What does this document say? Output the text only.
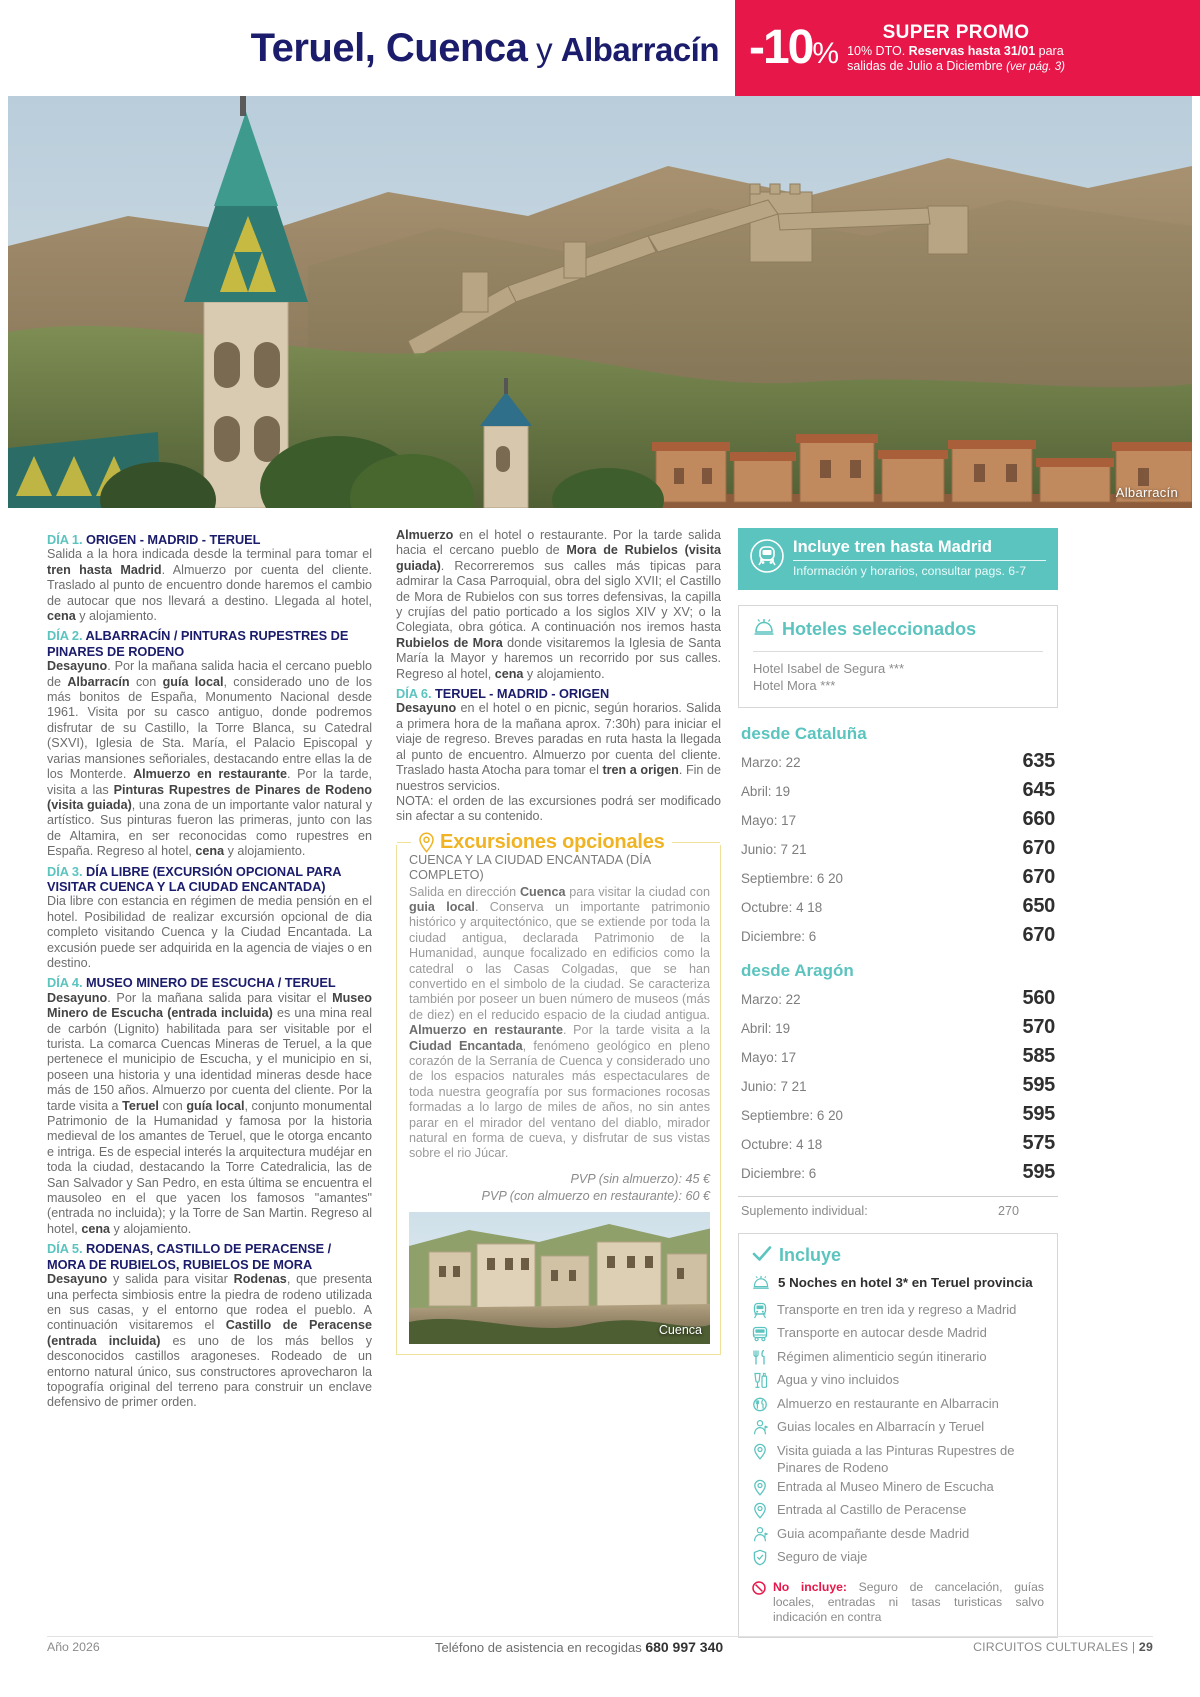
Teruel, Cuenca y Albarracín -10%
SUPER PROMO
10% DTO. Reservas hasta 31/01 para
salidas de Julio a Diciembre (ver pág. 3)
Albarracín
DÍA 1. ORIGEN - MADRID - TERUEL

Salida a la hora indicada desde la terminal para tomar el tren hasta Madrid. Almuerzo por cuenta del cliente. Traslado al punto de encuentro donde haremos el cambio de autocar que nos llevará a destino. Llegada al hotel, cena y alojamiento.

DÍA 2. ALBARRACÍN / PINTURAS RUPESTRES DE PINARES DE RODENO

Desayuno. Por la mañana salida hacia el cercano pueblo de Albarracín con guía local, considerado uno de los más bonitos de España, Monumento Nacional desde 1961. Visita por su casco antiguo, donde podremos disfrutar de su Castillo, la Torre Blanca, su Catedral (SXVI), Iglesia de Sta. María, el Palacio Episcopal y varias mansiones señoriales, destacando entre ellas la de los Monterde. Almuerzo en restaurante. Por la tarde, visita a las Pinturas Rupestres de Pinares de Rodeno (visita guiada), una zona de un importante valor natural y artístico. Sus pinturas fueron las primeras, junto con las de Altamira, en ser reconocidas como rupestres en España. Regreso al hotel, cena y alojamiento.

DÍA 3. DÍA LIBRE (EXCURSIÓN OPCIONAL PARA VISITAR CUENCA Y LA CIUDAD ENCANTADA)

Dia libre con estancia en régimen de media pensión en el hotel. Posibilidad de realizar excursión opcional de dia completo visitando Cuenca y la Ciudad Encantada. La excusión puede ser adquirida en la agencia de viajes o en destino.

DÍA 4. MUSEO MINERO DE ESCUCHA / TERUEL

Desayuno. Por la mañana salida para visitar el Museo Minero de Escucha (entrada incluida) es una mina real de carbón (Lignito) habilitada para ser visitable por el turista. La comarca Cuencas Mineras de Teruel, a la que pertenece el municipio de Escucha, y el municipio en si, poseen una historia y una identidad mineras desde hace más de 150 años. Almuerzo por cuenta del cliente. Por la tarde visita a Teruel con guía local, conjunto monumental Patrimonio de la Humanidad y famosa por la historia medieval de los amantes de Teruel, que le otorga encanto e intriga. Es de especial interés la arquitectura mudéjar en toda la ciudad, destacando la Torre Catedralicia, las de San Salvador y San Pedro, en esta última se encuentra el mausoleo en el que yacen los famosos "amantes" (entrada no incluida); y la Torre de San Martin. Regreso al hotel, cena y alojamiento.

DÍA 5. RODENAS, CASTILLO DE PERACENSE / MORA DE RUBIELOS, RUBIELOS DE MORA

Desayuno y salida para visitar Rodenas, que presenta una perfecta simbiosis entre la piedra de rodeno utilizada en sus casas, y el entorno que rodea el pueblo. A continuación visitaremos el Castillo de Peracense (entrada incluida) es uno de los más bellos y desconocidos castillos aragoneses. Rodeado de un entorno natural único, sus constructores aprovecharon la topografía original del terreno para construir un enclave defensivo de primer orden.

Almuerzo en el hotel o restaurante. Por la tarde salida hacia el cercano pueblo de Mora de Rubielos (visita guiada). Recorreremos sus calles más tipicas para admirar la Casa Parroquial, obra del siglo XVII; el Castillo de Mora de Rubielos con sus torres defensivas, la capilla y crujías del patio porticado a los siglos XIV y XV; o la Colegiata, obra gótica. A continuación nos iremos hasta Rubielos de Mora donde visitaremos la Iglesia de Santa María la Mayor y haremos un recorrido por sus calles. Regreso al hotel, cena y alojamiento.

DÍA 6. TERUEL - MADRID - ORIGEN

Desayuno en el hotel o en picnic, según horarios. Salida a primera hora de la mañana aprox. 7:30h) para iniciar el viaje de regreso. Breves paradas en ruta hasta la llegada al punto de encuentro. Almuerzo por cuenta del cliente. Traslado hasta Atocha para tomar el tren a origen. Fin de nuestros servicios.

NOTA: el orden de las excursiones podrá ser modificado sin afectar a su contenido.

Excursiones opcionales
CUENCA Y LA CIUDAD ENCANTADA (DÍA COMPLETO)
Salida en dirección Cuenca para visitar la ciudad con guia local. Conserva un importante patrimonio histórico y arquitectónico, que se extiende por toda la ciudad antigua, declarada Patrimonio de la Humanidad, aunque focalizado en edificios como la catedral o las Casas Colgadas, que se han convertido en el simbolo de la ciudad. Se caracteriza también por poseer un buen número de museos (más de diez) en el reducido espacio de la ciudad antigua. Almuerzo en restaurante. Por la tarde visita a la Ciudad Encantada, fenómeno geológico en pleno corazón de la Serranía de Cuenca y considerado uno de los espacios naturales más espectaculares de toda nuestra geografía por sus formaciones rocosas formadas a lo largo de miles de años, no sin antes parar en el mirador del ventano del diablo, mirador natural en forma de cueva, y disfrutar de sus vistas sobre el rio Júcar.
PVP (sin almuerzo): 45 €
PVP (con almuerzo en restaurante): 60 €
Cuenca
Incluye tren hasta Madrid
Información y horarios, consultar pags. 6-7
Hoteles seleccionados
Hotel Isabel de Segura ***
Hotel Mora ***
desde Cataluña
Marzo: 22	635
Abril: 19	645
Mayo: 17	660
Junio: 7 21	670
Septiembre: 6 20	670
Octubre: 4 18	650
Diciembre: 6	670
desde Aragón
Marzo: 22	560
Abril: 19	570
Mayo: 17	585
Junio: 7 21	595
Septiembre: 6 20	595
Octubre: 4 18	575
Diciembre: 6	595
Suplemento individual:	270
Incluye
5 Noches en hotel 3* en Teruel provincia
Transporte en tren ida y regreso a Madrid
Transporte en autocar desde Madrid
Régimen alimenticio según itinerario
Agua y vino incluidos
Almuerzo en restaurante en Albarracin
Guias locales en Albarracín y Teruel
Visita guiada a las Pinturas Rupestres de Pinares de Rodeno
Entrada al Museo Minero de Escucha
Entrada al Castillo de Peracense
Guia acompañante desde Madrid
Seguro de viaje
No incluye: Seguro de cancelación, guías locales, entradas ni tasas turisticas salvo indicación en contra
Año 2026	Teléfono de asistencia en recogidas 680 997 340	CIRCUITOS CULTURALES | 29
